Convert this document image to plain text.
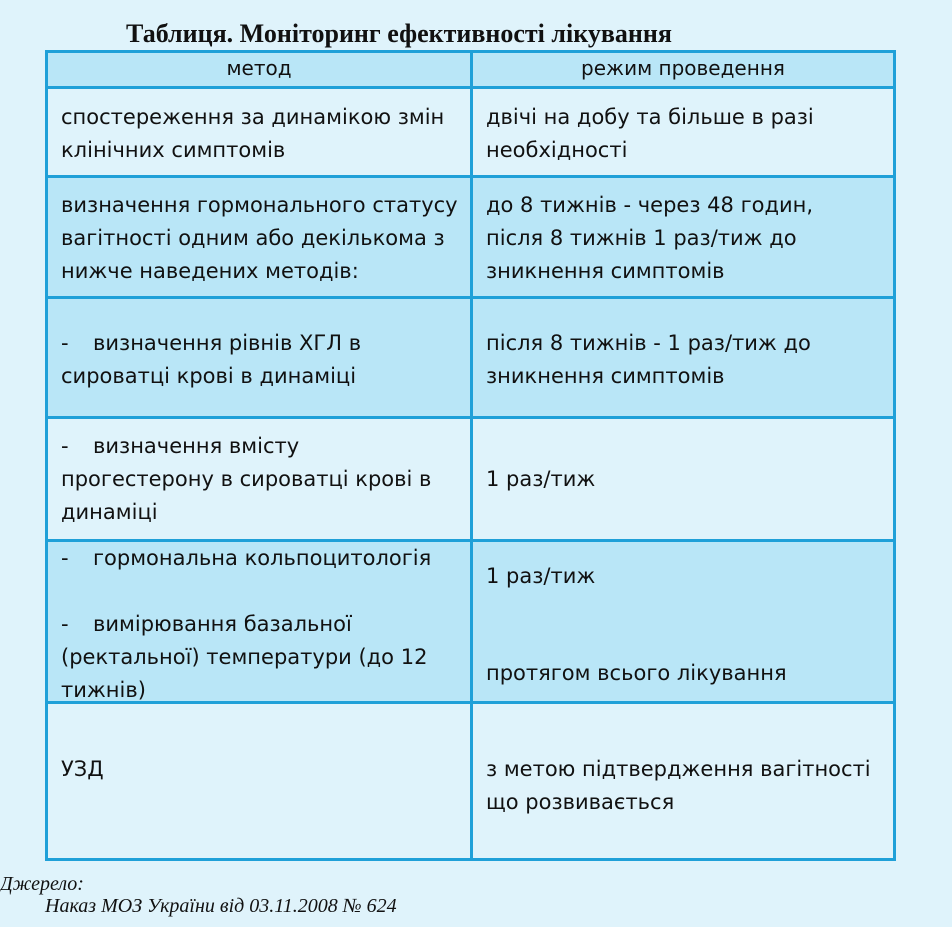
Таблиця. Моніторинг ефективності лікування
метод	режим проведення
спостереження за динамікою змін
клінічних симптомів
двічі на добу та більше в разі
необхідності
визначення гормонального статусу
вагітності одним або декількома з
нижче наведених методів:
до 8 тижнів - через 48 годин,
після 8 тижнів 1 раз/тиж до
зникнення симптомів
- визначення рівнів ХГЛ в
сироватці крові в динаміці
після 8 тижнів - 1 раз/тиж до
зникнення симптомів
- визначення вмісту
прогестерону в сироватці крові в
динаміці
1 раз/тиж
- гормональна кольпоцитологія
- вимірювання базальної
(ректальної) температури (до 12
тижнів)
1 раз/тиж
протягом всього лікування
УЗД	з метою підтвердження вагітності
що розвивається
Джерело:
Наказ МОЗ України від 03.11.2008 № 624
